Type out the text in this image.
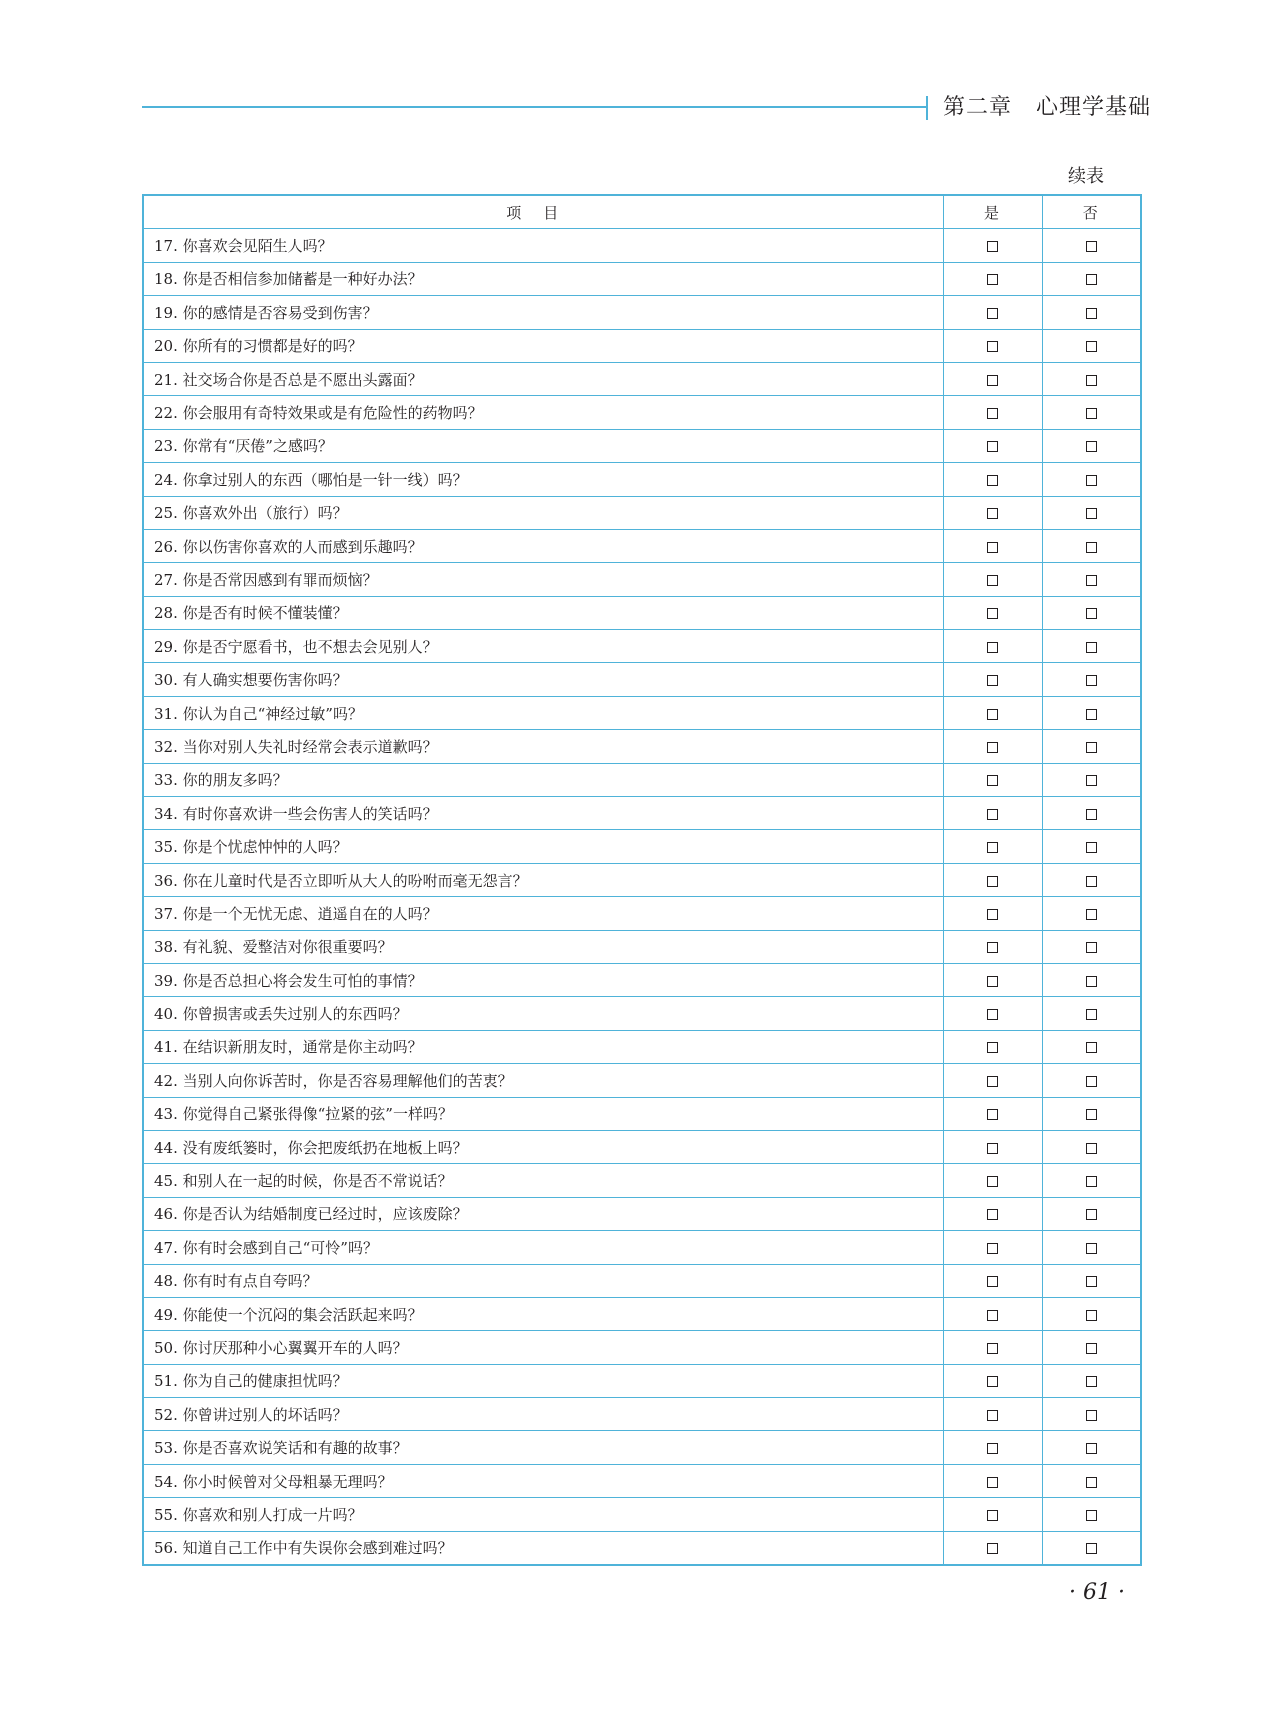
第二章   心理学基础
续表
项目	是	否
17. 你喜欢会见陌生人吗？		
18. 你是否相信参加储蓄是一种好办法？		
19. 你的感情是否容易受到伤害？		
20. 你所有的习惯都是好的吗？		
21. 社交场合你是否总是不愿出头露面？		
22. 你会服用有奇特效果或是有危险性的药物吗？		
23. 你常有“厌倦”之感吗？		
24. 你拿过别人的东西（哪怕是一针一线）吗？		
25. 你喜欢外出（旅行）吗？		
26. 你以伤害你喜欢的人而感到乐趣吗？		
27. 你是否常因感到有罪而烦恼？		
28. 你是否有时候不懂装懂？		
29. 你是否宁愿看书，也不想去会见别人？		
30. 有人确实想要伤害你吗？		
31. 你认为自己“神经过敏”吗？		
32. 当你对别人失礼时经常会表示道歉吗？		
33. 你的朋友多吗？		
34. 有时你喜欢讲一些会伤害人的笑话吗？		
35. 你是个忧虑忡忡的人吗？		
36. 你在儿童时代是否立即听从大人的吩咐而毫无怨言？		
37. 你是一个无忧无虑、逍遥自在的人吗？		
38. 有礼貌、爱整洁对你很重要吗？		
39. 你是否总担心将会发生可怕的事情？		
40. 你曾损害或丢失过别人的东西吗？		
41. 在结识新朋友时，通常是你主动吗？		
42. 当别人向你诉苦时，你是否容易理解他们的苦衷？		
43. 你觉得自己紧张得像“拉紧的弦”一样吗？		
44. 没有废纸篓时，你会把废纸扔在地板上吗？		
45. 和别人在一起的时候，你是否不常说话？		
46. 你是否认为结婚制度已经过时，应该废除？		
47. 你有时会感到自己“可怜”吗？		
48. 你有时有点自夸吗？		
49. 你能使一个沉闷的集会活跃起来吗？		
50. 你讨厌那种小心翼翼开车的人吗？		
51. 你为自己的健康担忧吗？		
52. 你曾讲过别人的坏话吗？		
53. 你是否喜欢说笑话和有趣的故事？		
54. 你小时候曾对父母粗暴无理吗？		
55. 你喜欢和别人打成一片吗？		
56. 知道自己工作中有失误你会感到难过吗？		
· 61 ·
